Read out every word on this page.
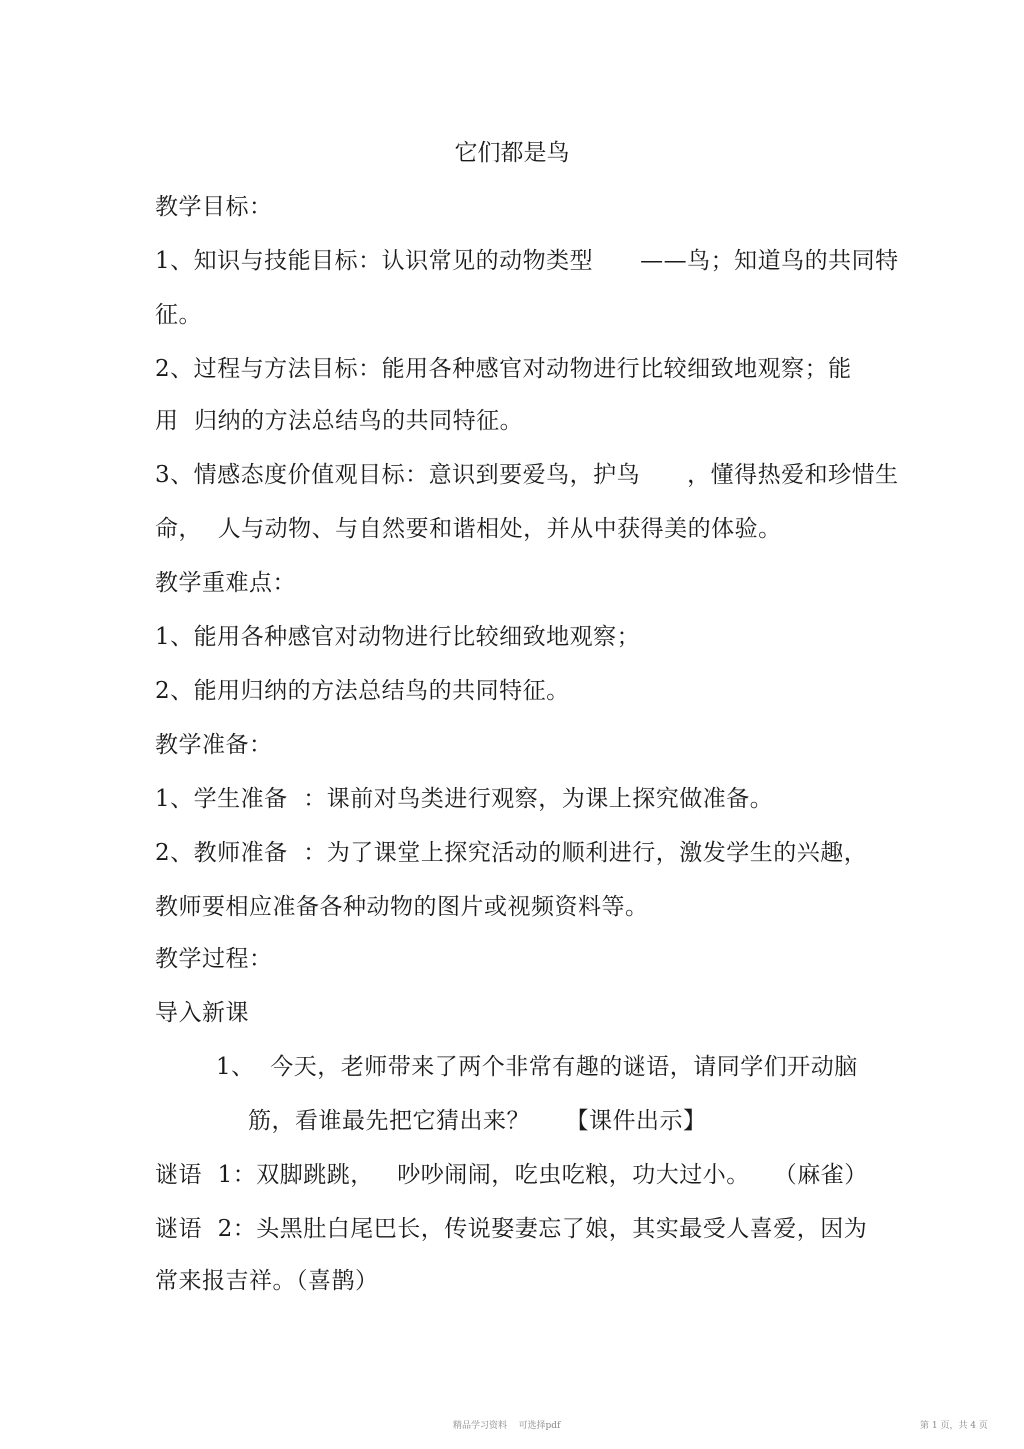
它们都是鸟
教学目标：
1、知识与技能目标：认识常见的动物类型　　——鸟；知道鸟的共同特
征。
2、过程与方法目标：能用各种感官对动物进行比较细致地观察；能
用  归纳的方法总结鸟的共同特征。
3、情感态度价值观目标：意识到要爱鸟，护鸟　　，懂得热爱和珍惜生
命，  人与动物、与自然要和谐相处，并从中获得美的体验。
教学重难点：
1、能用各种感官对动物进行比较细致地观察；
2、能用归纳的方法总结鸟的共同特征。
教学准备：
1、学生准备  ：课前对鸟类进行观察，为课上探究做准备。
2、教师准备  ：为了课堂上探究活动的顺利进行，激发学生的兴趣，
教师要相应准备各种动物的图片或视频资料等。
教学过程：
导入新课
1、  今天，老师带来了两个非常有趣的谜语，请同学们开动脑
筋，看谁最先把它猜出来？　　【课件出示】
谜语  1：双脚跳跳，   吵吵闹闹，吃虫吃粮，功大过小。　　（麻雀）
谜语  2：头黑肚白尾巴长，传说娶妻忘了娘，其实最受人喜爱，因为
常来报吉祥。（喜鹊）
精品学习资料    可选择pdf	第 1 页，共 4 页
